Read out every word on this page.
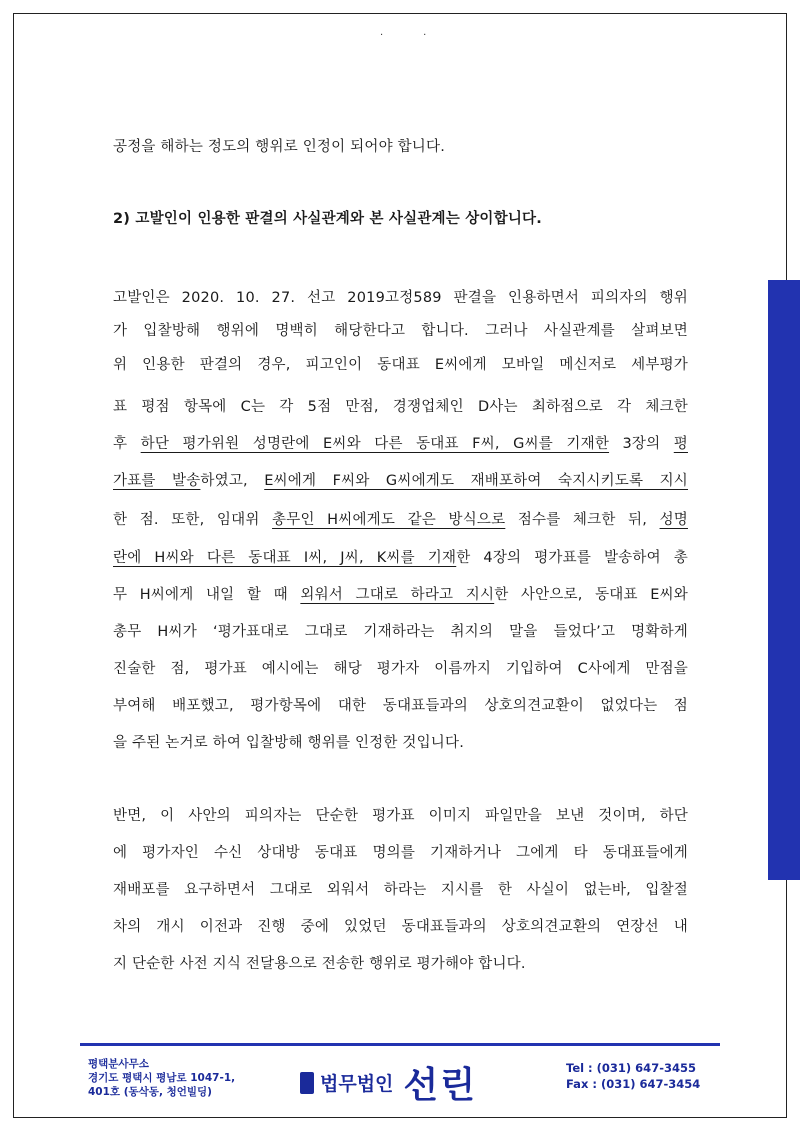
·​·
공정을 해하는 정도의 행위로 인정이 되어야 합니다.
2) 고발인이 인용한 판결의 사실관계와 본 사실관계는 상이합니다.
고발인은 2020. 10. 27. 선고 2019고정589 판결을 인용하면서 피의자의 행위
가 입찰방해 행위에 명백히 해당한다고 합니다. 그러나 사실관계를 살펴보면
위 인용한 판결의 경우, 피고인이 동대표 E씨에게 모바일 메신저로 세부평가
표 평점 항목에 C는 각 5점 만점, 경쟁업체인 D사는 최하점으로 각 체크한
후 하단 평가위원 성명란에 E씨와 다른 동대표 F씨, G씨를 기재한 3장의 평
가표를 발송하였고, E씨에게 F씨와 G씨에게도 재배포하여 숙지시키도록 지시
한 점. 또한, 임대위 총무인 H씨에게도 같은 방식으로 점수를 체크한 뒤, 성명
란에 H씨와 다른 동대표 I씨, J씨, K씨를 기재한 4장의 평가표를 발송하여 총
무 H씨에게 내일 할 때 외워서 그대로 하라고 지시한 사안으로, 동대표 E씨와
총무 H씨가 ‘평가표대로 그대로 기재하라는 취지의 말을 들었다’고 명확하게
진술한 점, 평가표 예시에는 해당 평가자 이름까지 기입하여 C사에게 만점을
부여해 배포했고, 평가항목에 대한 동대표들과의 상호의견교환이 없었다는 점
을 주된 논거로 하여 입찰방해 행위를 인정한 것입니다.
반면, 이 사안의 피의자는 단순한 평가표 이미지 파일만을 보낸 것이며, 하단
에 평가자인 수신 상대방 동대표 명의를 기재하거나 그에게 타 동대표들에게
재배포를 요구하면서 그대로 외워서 하라는 지시를 한 사실이 없는바, 입찰절
차의 개시 이전과 진행 중에 있었던 동대표들과의 상호의견교환의 연장선 내
지 단순한 사전 지식 전달용으로 전송한 행위로 평가해야 합니다.
평택분사무소
경기도 평택시 평남로 1047-1,
401호 (동삭동, 청언빌딩)	법무법인 선린	Tel : (031) 647-3455
Fax : (031) 647-3454
